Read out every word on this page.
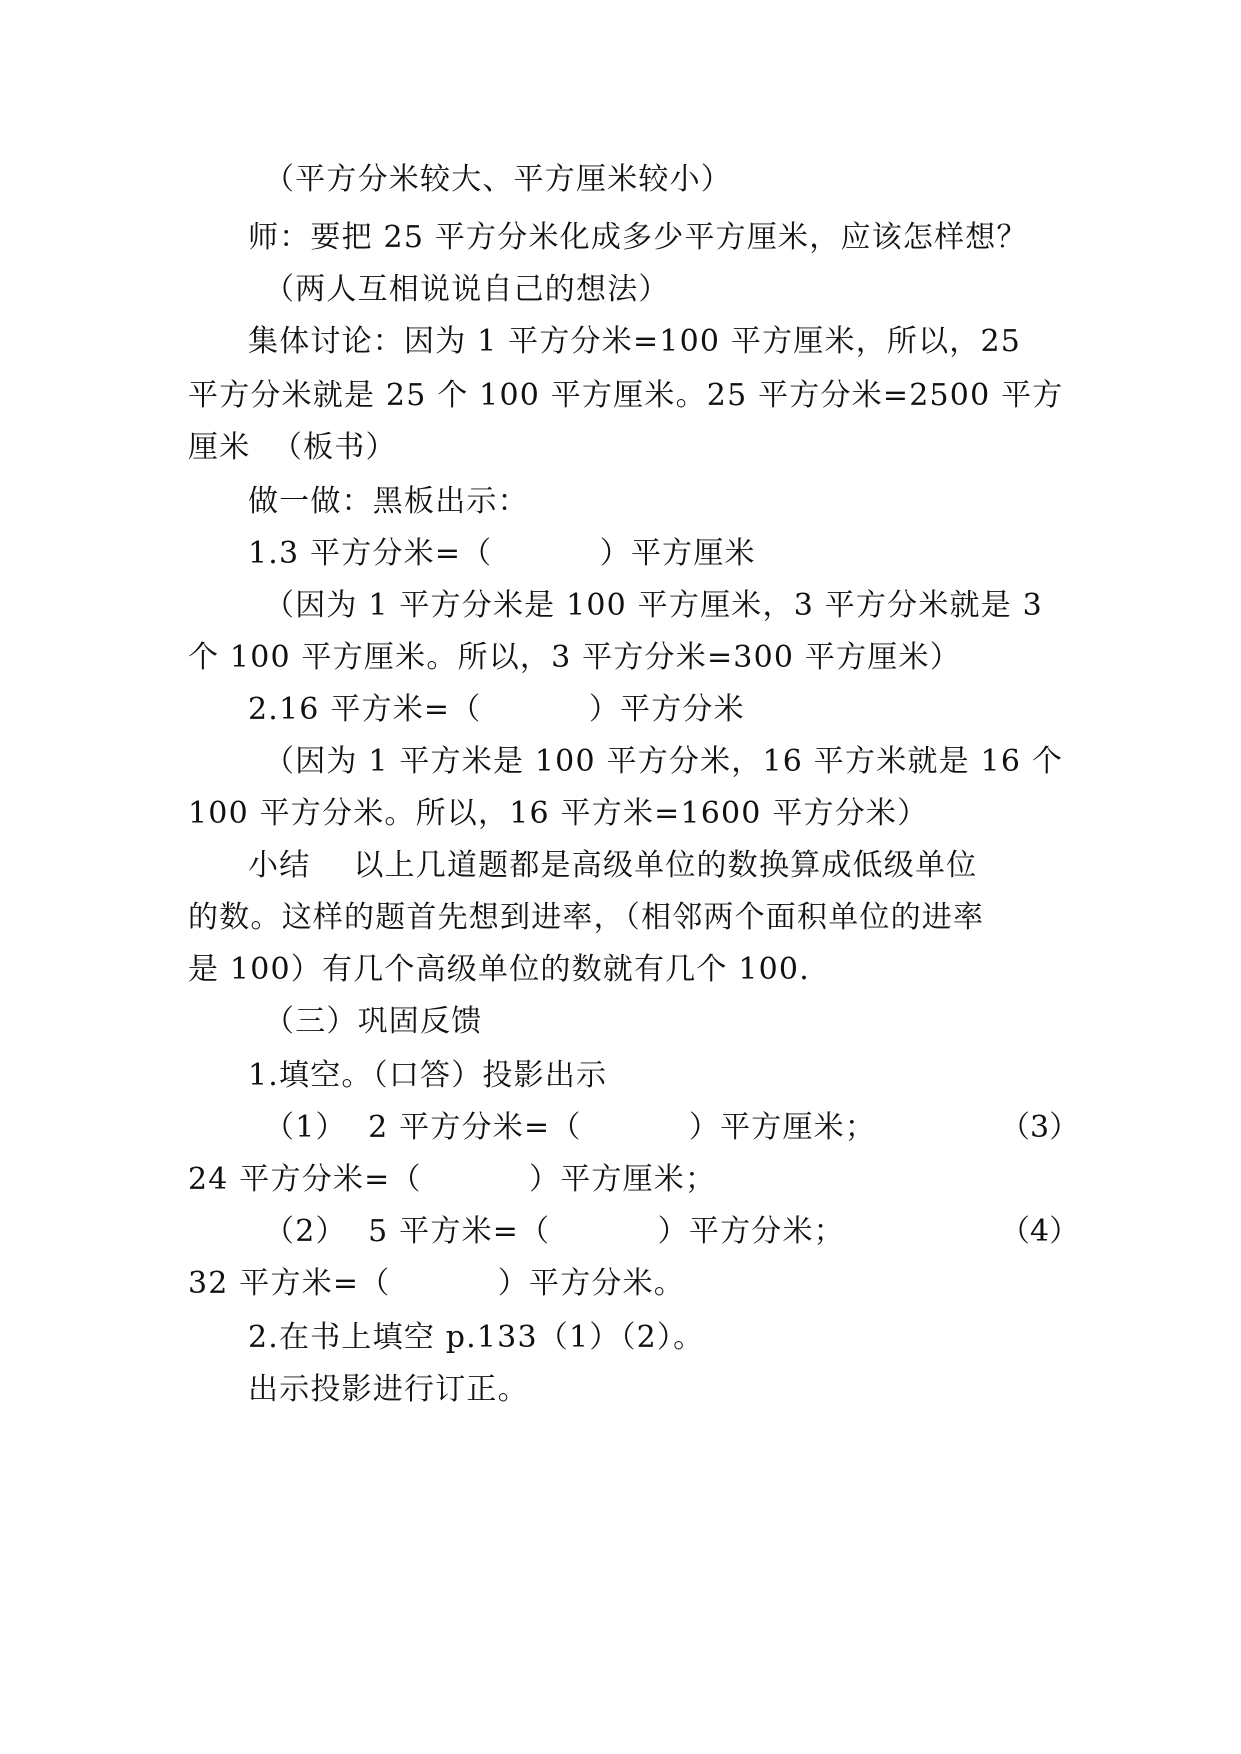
（平方分米较大、平方厘米较小）
师：要把 25 平方分米化成多少平方厘米，应该怎样想？
（两人互相说说自己的想法）
集体讨论：因为 1 平方分米=100 平方厘米，所以，25
平方分米就是 25 个 100 平方厘米。25 平方分米=2500 平方
厘米  （板书）
做一做：黑板出示：
1.3 平方分米=（          ）平方厘米
（因为 1 平方分米是 100 平方厘米，3 平方分米就是 3
个 100 平方厘米。所以，3 平方分米=300 平方厘米）
2.16 平方米=（          ）平方分米
（因为 1 平方米是 100 平方分米，16 平方米就是 16 个
100 平方分米。所以，16 平方米=1600 平方分米）
小结    以上几道题都是高级单位的数换算成低级单位
的数。这样的题首先想到进率，（相邻两个面积单位的进率
是 100）有几个高级单位的数就有几个 100.
（三）巩固反馈
1.填空。（口答）投影出示
（1）  2 平方分米=（          ）平方厘米；	（3）
24 平方分米=（          ）平方厘米；
（2）  5 平方米=（          ）平方分米；	（4）
32 平方米=（          ）平方分米。
2.在书上填空 p.133（1）（2）。
出示投影进行订正。
